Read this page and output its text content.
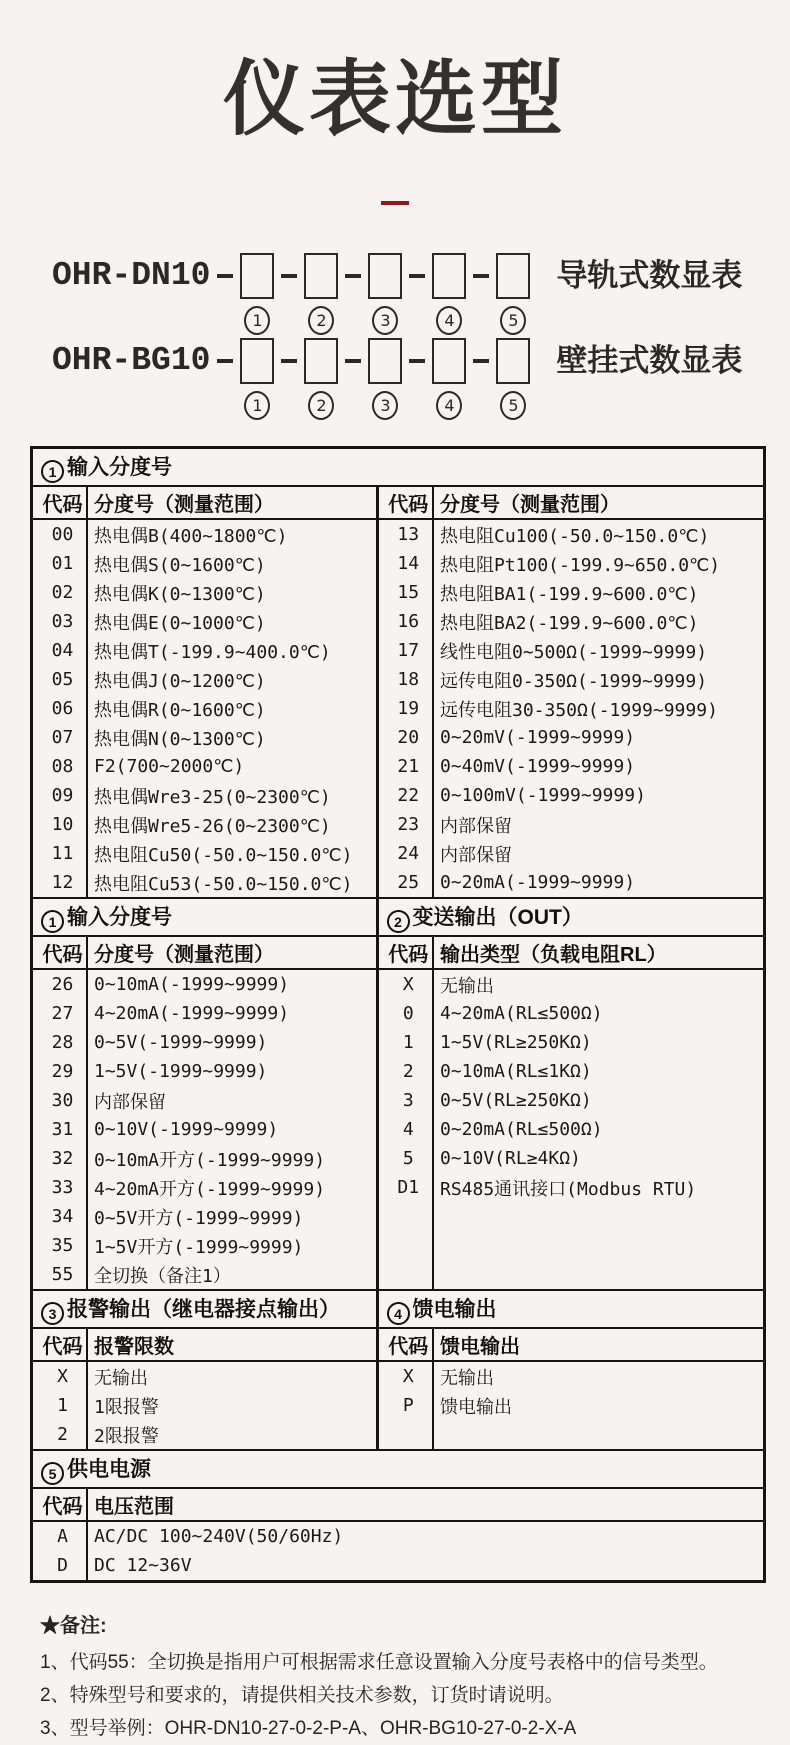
仪表选型
OHR-DN10
1	2	3	4	5
导轨式数显表
OHR-BG10
1	2	3	4	5
壁挂式数显表
1 输入分度号			
代码	分度号（测量范围）	代码	分度号（测量范围）
00	热电偶B(400~1800℃)	13	热电阻Cu100(-50.0~150.0℃)
01	热电偶S(0~1600℃)	14	热电阻Pt100(-199.9~650.0℃)
02	热电偶K(0~1300℃)	15	热电阻BA1(-199.9~600.0℃)
03	热电偶E(0~1000℃)	16	热电阻BA2(-199.9~600.0℃)
04	热电偶T(-199.9~400.0℃)	17	线性电阻0~500Ω(-1999~9999)
05	热电偶J(0~1200℃)	18	远传电阻0-350Ω(-1999~9999)
06	热电偶R(0~1600℃)	19	远传电阻30-350Ω(-1999~9999)
07	热电偶N(0~1300℃)	20	0~20mV(-1999~9999)
08	F2(700~2000℃)	21	0~40mV(-1999~9999)
09	热电偶Wre3-25(0~2300℃)	22	0~100mV(-1999~9999)
10	热电偶Wre5-26(0~2300℃)	23	内部保留
11	热电阻Cu50(-50.0~150.0℃)	24	内部保留
12	热电阻Cu53(-50.0~150.0℃)	25	0~20mA(-1999~9999)
1 输入分度号		2 变送输出（OUT）	
代码	分度号（测量范围）	代码	输出类型（负载电阻RL）
26	0~10mA(-1999~9999)	X	无输出
27	4~20mA(-1999~9999)	0	4~20mA(RL≤500Ω)
28	0~5V(-1999~9999)	1	1~5V(RL≥250KΩ)
29	1~5V(-1999~9999)	2	0~10mA(RL≤1KΩ)
30	内部保留	3	0~5V(RL≥250KΩ)
31	0~10V(-1999~9999)	4	0~20mA(RL≤500Ω)
32	0~10mA开方(-1999~9999)	5	0~10V(RL≥4KΩ)
33	4~20mA开方(-1999~9999)	D1	RS485通讯接口(Modbus RTU)
34	0~5V开方(-1999~9999)		
35	1~5V开方(-1999~9999)		
55	全切换（备注1）		
3 报警输出（继电器接点输出）		4 馈电输出	
代码	报警限数	代码	馈电输出
X	无输出	X	无输出
1	1限报警	P	馈电输出
2	2限报警		
5 供电电源			
代码	电压范围		
A	AC/DC 100~240V(50/60Hz)		
D	DC 12~36V		
★备注:
1、代码55：全切换是指用户可根据需求任意设置输入分度号表格中的信号类型。
2、特殊型号和要求的，请提供相关技术参数，订货时请说明。
3、型号举例：OHR-DN10-27-0-2-P-A、OHR-BG10-27-0-2-X-A
